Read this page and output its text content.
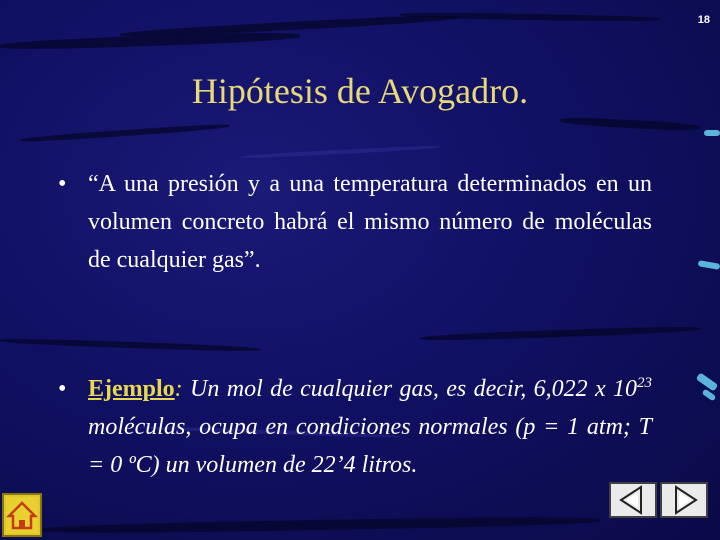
18
Hipótesis de Avogadro.
• “A una presión y a una temperatura determinados en un volumen concreto habrá el mismo número de moléculas de cualquier gas”.
• Ejemplo: Un mol de cualquier gas, es decir, 6,022 x $10^{23}$ moléculas, ocupa en condiciones normales (p = 1 atm; T = 0 ºC) un volumen de 22’4 litros.
